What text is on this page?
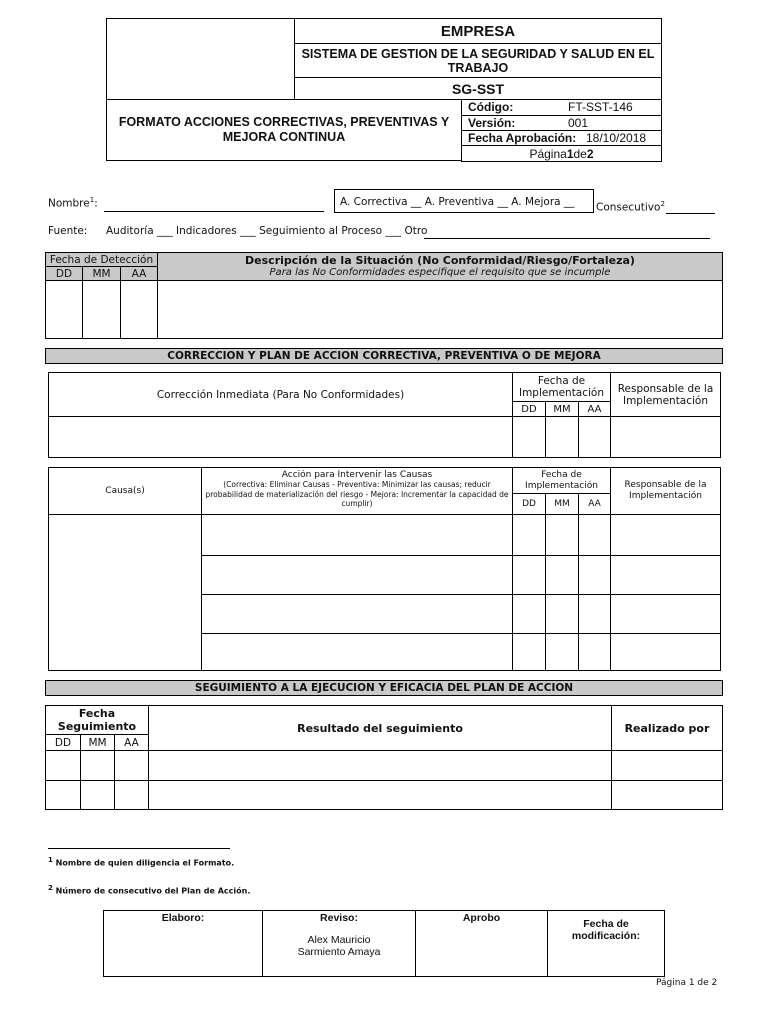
EMPRESA
SISTEMA DE GESTION DE LA SEGURIDAD Y SALUD EN EL TRABAJO
SG-SST
FORMATO ACCIONES CORRECTIVAS, PREVENTIVAS Y MEJORA CONTINUA
Código:	FT-SST-146
Versión:	001
Fecha Aprobación: 18/10/2018
Página 1 de 2
Nombre$^1$:	A. Correctiva __ A. Preventiva __ A. Mejora __	Consecutivo$^2$
Fuente: Auditoría ___ Indicadores ___ Seguimiento al Proceso ___ Otro
Fecha de Detección
DD	MM	AA
Descripción de la Situación (No Conformidad/Riesgo/Fortaleza)
Para las No Conformidades especifique el requisito que se incumple
CORRECCION Y PLAN DE ACCION CORRECTIVA, PREVENTIVA O DE MEJORA
Corrección Inmediata (Para No Conformidades)
Fecha de Implementación
DD	MM	AA
Responsable de la Implementación
Causa(s)
Acción para Intervenir las Causas
(Correctiva: Eliminar Causas - Preventiva: Minimizar las causas; reducir probabilidad de materialización del riesgo - Mejora: Incrementar la capacidad de cumplir)
Fecha de Implementación
DD	MM	AA
Responsable de la Implementación
SEGUIMIENTO A LA EJECUCION Y EFICACIA DEL PLAN DE ACCION
Fecha Seguimiento
DD	MM	AA
Resultado del seguimiento	Realizado por
$^1$ Nombre de quien diligencia el Formato.
$^2$ Número de consecutivo del Plan de Acción.
Elaboro:	Reviso:
Alex Mauricio Sarmiento Amaya
Aprobo	Fecha de modificación:
Página 1 de 2
